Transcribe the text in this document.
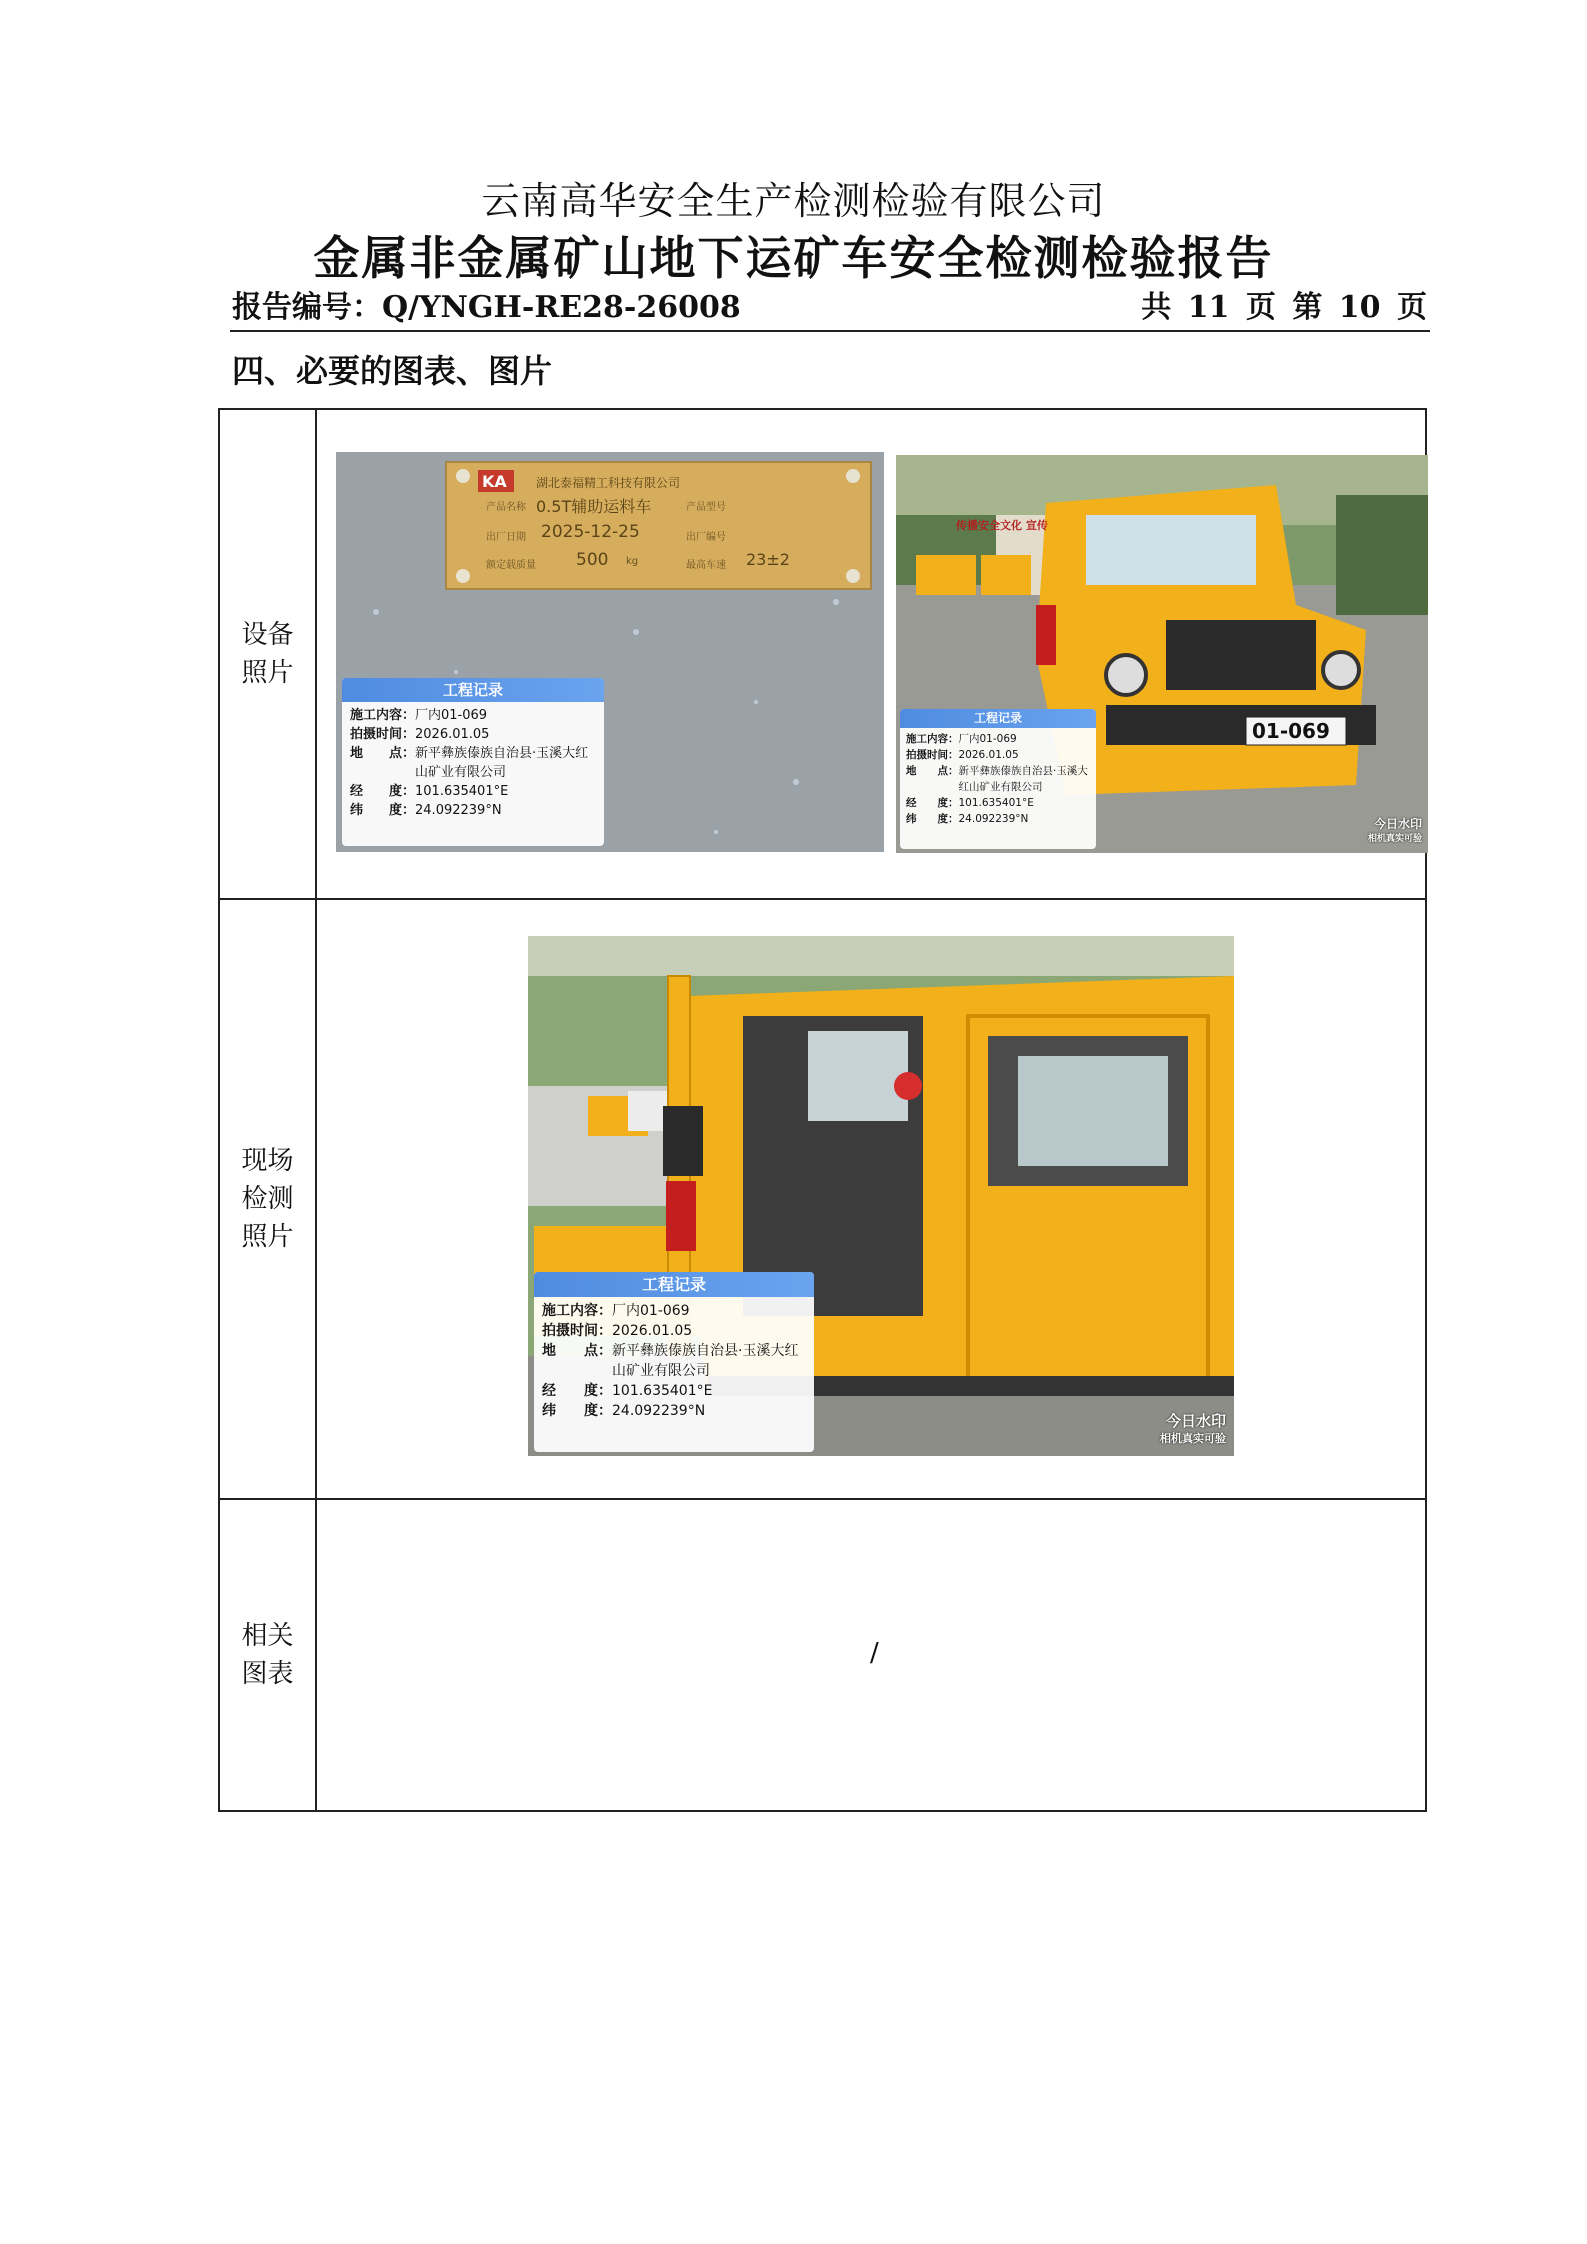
云南高华安全生产检测检验有限公司
金属非金属矿山地下运矿车安全检测检验报告
报告编号：Q/YNGH-RE28-26008	共 11 页 第 10 页
四、必要的图表、图片
设备照片
KA 湖北泰福精工科技有限公司
产品名称 0.5T辅助运料车	产品型号
出厂日期 2025-12-25	出厂编号
额定载质量 500 kg	最高车速 23±2
工程记录
施工内容： 厂内01-069
拍摄时间： 2026.01.05
地　　点： 新平彝族傣族自治县·玉溪大红山矿业有限公司
经　　度： 101.635401°E
纬　　度： 24.092239°N
传播安全文化 宣传
01-069
工程记录
施工内容： 厂内01-069
拍摄时间： 2026.01.05
地　　点： 新平彝族傣族自治县·玉溪大红山矿业有限公司
经　　度： 101.635401°E
纬　　度： 24.092239°N	今日水印
相机真实可验
现场检测照片
工程记录
施工内容： 厂内01-069
拍摄时间： 2026.01.05
地　　点： 新平彝族傣族自治县·玉溪大红山矿业有限公司
经　　度： 101.635401°E
纬　　度： 24.092239°N
今日水印
相机真实可验
相关图表
/
